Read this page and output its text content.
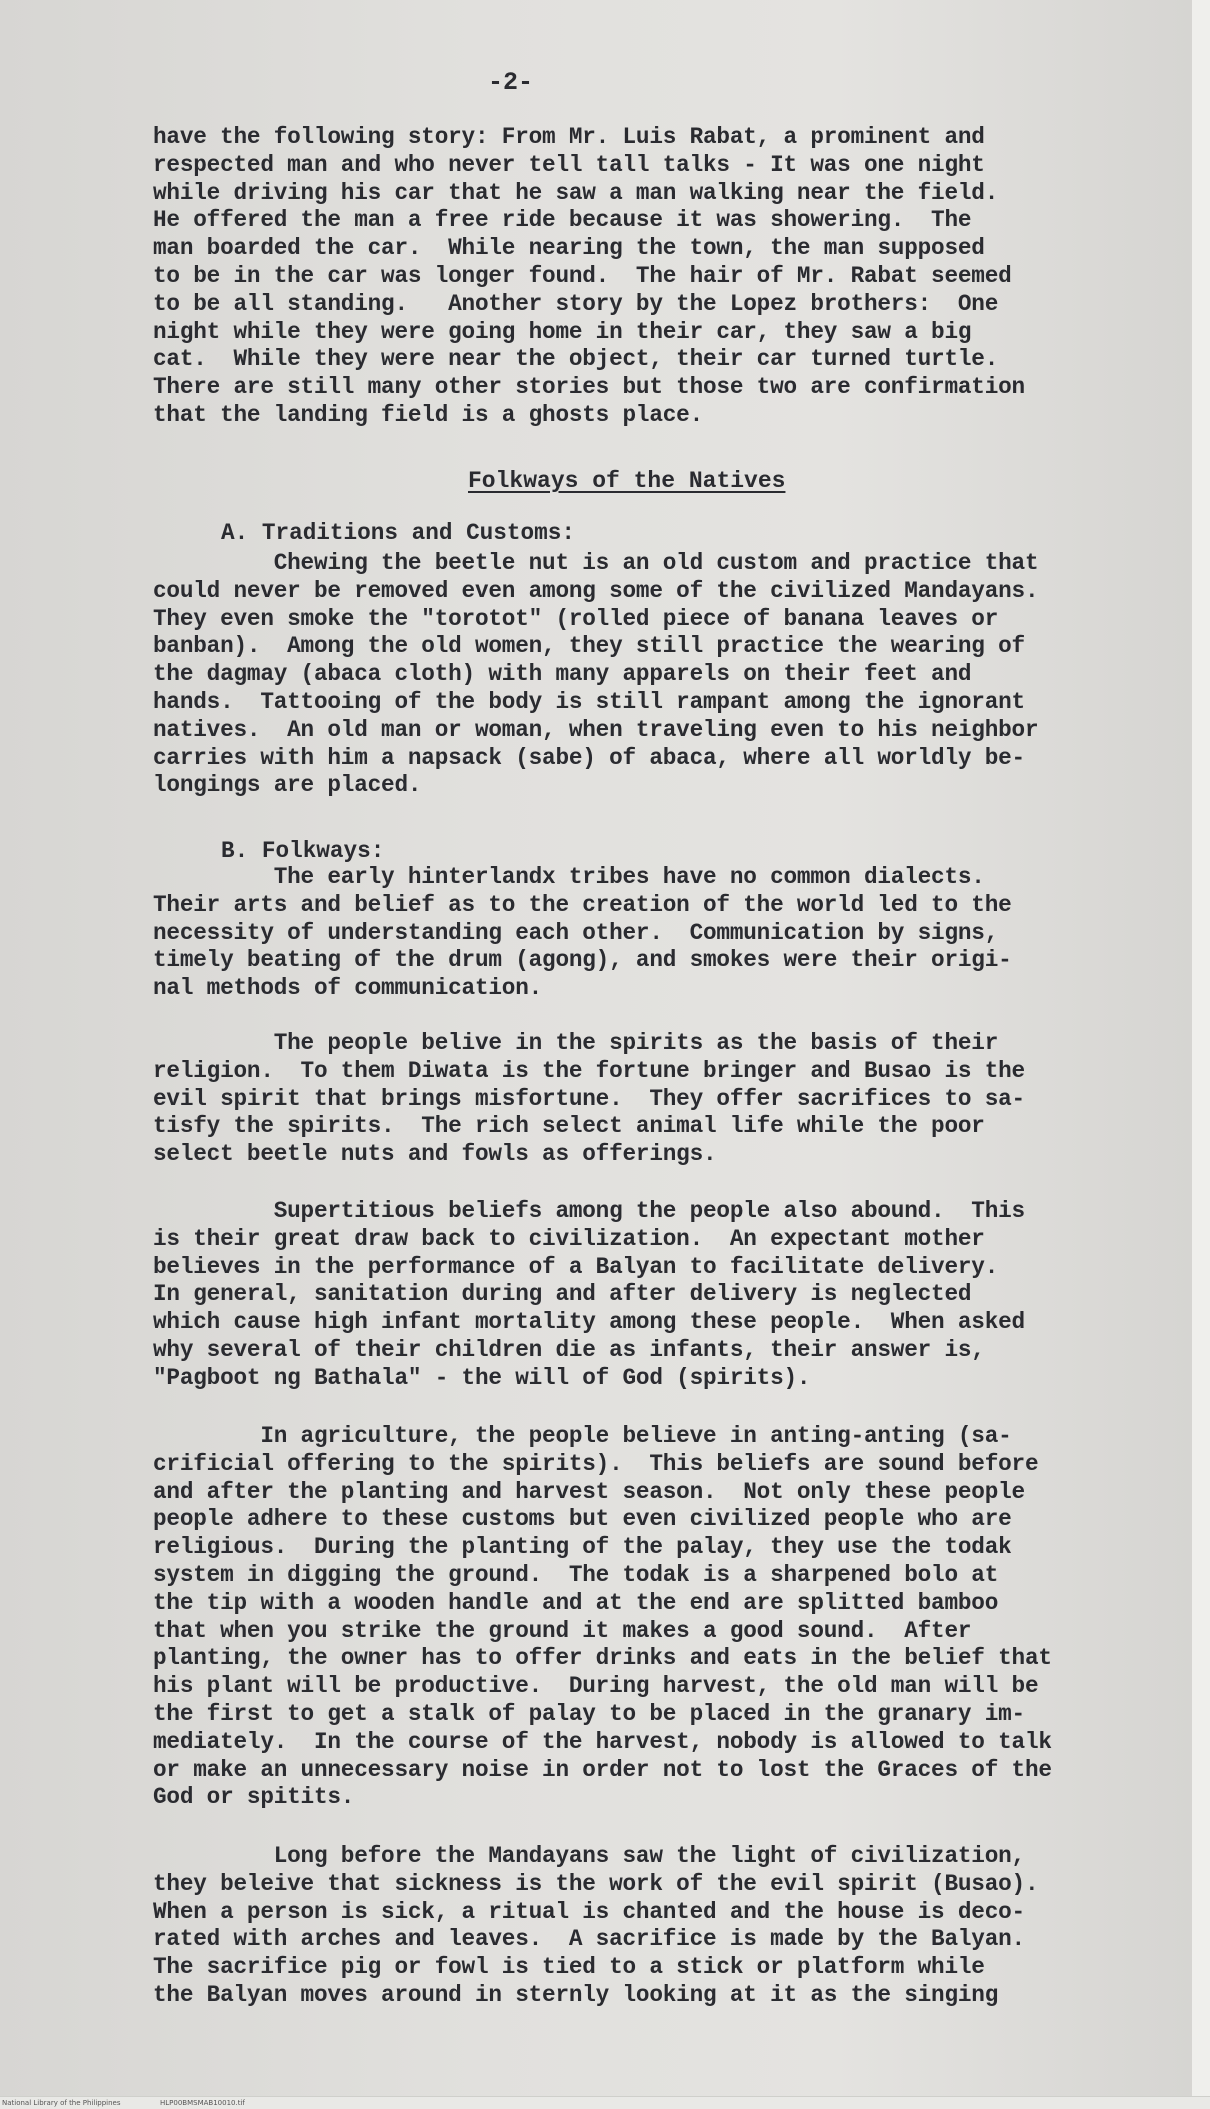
-2-
have the following story: From Mr. Luis Rabat, a prominent and
respected man and who never tell tall talks - It was one night
while driving his car that he saw a man walking near the field.
He offered the man a free ride because it was showering.  The
man boarded the car.  While nearing the town, the man supposed
to be in the car was longer found.  The hair of Mr. Rabat seemed
to be all standing.   Another story by the Lopez brothers:  One
night while they were going home in their car, they saw a big
cat.  While they were near the object, their car turned turtle.
There are still many other stories but those two are confirmation
that the landing field is a ghosts place.
Folkways of the Natives
A. Traditions and Customs:
Chewing the beetle nut is an old custom and practice that
could never be removed even among some of the civilized Mandayans.
They even smoke the "torotot" (rolled piece of banana leaves or
banban).  Among the old women, they still practice the wearing of
the dagmay (abaca cloth) with many apparels on their feet and
hands.  Tattooing of the body is still rampant among the ignorant
natives.  An old man or woman, when traveling even to his neighbor
carries with him a napsack (sabe) of abaca, where all worldly be-
longings are placed.
B. Folkways:
The early hinterlandx tribes have no common dialects.
Their arts and belief as to the creation of the world led to the
necessity of understanding each other.  Communication by signs,
timely beating of the drum (agong), and smokes were their origi-
nal methods of communication.
The people belive in the spirits as the basis of their
religion.  To them Diwata is the fortune bringer and Busao is the
evil spirit that brings misfortune.  They offer sacrifices to sa-
tisfy the spirits.  The rich select animal life while the poor
select beetle nuts and fowls as offerings.
Supertitious beliefs among the people also abound.  This
is their great draw back to civilization.  An expectant mother
believes in the performance of a Balyan to facilitate delivery.
In general, sanitation during and after delivery is neglected
which cause high infant mortality among these people.  When asked
why several of their children die as infants, their answer is,
"Pagboot ng Bathala" - the will of God (spirits).
In agriculture, the people believe in anting-anting (sa-
crificial offering to the spirits).  This beliefs are sound before
and after the planting and harvest season.  Not only these people
people adhere to these customs but even civilized people who are
religious.  During the planting of the palay, they use the todak
system in digging the ground.  The todak is a sharpened bolo at
the tip with a wooden handle and at the end are splitted bamboo
that when you strike the ground it makes a good sound.  After
planting, the owner has to offer drinks and eats in the belief that
his plant will be productive.  During harvest, the old man will be
the first to get a stalk of palay to be placed in the granary im-
mediately.  In the course of the harvest, nobody is allowed to talk
or make an unnecessary noise in order not to lost the Graces of the
God or spitits.
Long before the Mandayans saw the light of civilization,
they beleive that sickness is the work of the evil spirit (Busao).
When a person is sick, a ritual is chanted and the house is deco-
rated with arches and leaves.  A sacrifice is made by the Balyan.
The sacrifice pig or fowl is tied to a stick or platform while
the Balyan moves around in sternly looking at it as the singing
National Library of the Philippines	HLP00BMSMAB10010.tif
